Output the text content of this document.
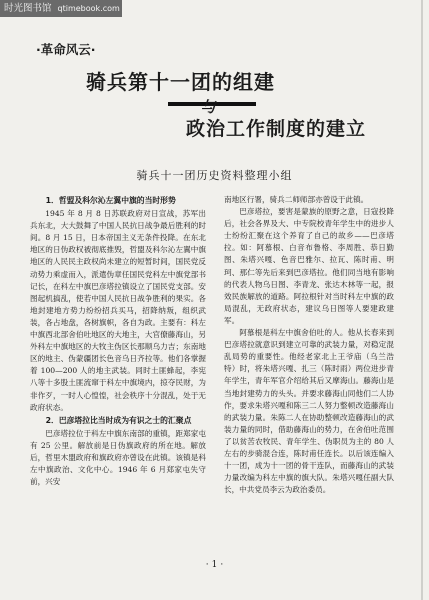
时光图书馆 qtimebook.com
·革命风云·
骑兵第十一团的组建
与
政治工作制度的建立
骑兵十一团历史资料整理小组
1．哲盟及科尔沁左翼中旗的当时形势

1945 年 8 月 8 日苏联政府对日宣战，苏军出兵东北，大大鼓舞了中国人民抗日战争最后胜利的时间。8 月 15 日，日本帝国主义无条件投降。在东北地区的日伪政权被彻底推毁，哲盟及科尔沁左翼中旗地区的人民民主政权尚未建立的短暂时间，国民党反动势力乘虚而入，派遣伪章任国民党科左中旗党部书记长，在科左中旗巴彦塔拉镇设立了国民党支部。安图起机搞乱，使若中国人民抗日战争胜利的果实。各地封建地方势力纷纷招兵买马，招降纳叛，组织武装，各占地盘，各树旗帜，各自为政。主要有：科左中旗西北部舍伯吐地区的大地主，大官僚藤海山，另外科左中旗地区的大牧主伪区长那顺乌力吉；东南地区的地主、伪蒙疆团长色音乌日齐拉等。他们各掌握着 100—200 人的地主武装。同时土匪蜂起，李宪八等十多股土匪流窜于科左中旗境内，掠夺民财，为非作歹，一时人心惶惶，社会秩序十分混乱，处于无政府状态。

2．巴彦塔拉比当时成为有识之士的汇聚点

巴彦塔拉位于科左中旗东南部的重镇，距郑家屯有 25 公里。解放前是日伪旗政府的所在地。解放后，哲里木盟政府和旗政府亦曾设在此镇。该镇是科左中旗政治、文化中心。1946 年 6 月郑家屯失守前，兴安

南地区行署，骑兵二师师部亦曾设于此镇。

巴彦塔拉，要害是蒙族的原野之意，日寇投降后，社会各界及大、中专院校青年学生中的进步人士纷纷汇聚在这个养育了自己的故乡——巴彦塔拉。如：阿慕根、白音布鲁格、李周胜、恭日勤图、朱塔兴嘎、色音巴雅尔、拉瓦、陈时甫、明珂、那仁等先后来到巴彦塔拉。他们同当地有影响的代表人物乌日图、李青龙、张达木林等一起，报效民族解放的道路。阿拉根针对当时科左中旗的政局混乱，无政府状态，建议乌日图等人要建政建军。

阿慕根是科左中旗舍伯吐的人。他从长春来到巴彦塔拉就意识到建立可靠的武装力量，对稳定混乱局势的重要性。他经老家北上王爷庙（乌兰浩特）时，将朱塔兴嘎、扎三（陈时雨）两位进步青年学生，青年军官介绍给其后又摩海山。藤海山是当地封建势力的头头。并要求藤海山同他们二人协作，要求朱塔兴嘎和陈三二人努力整顿改造藤海山的武装力量。朱陈二人在协助整顿改造藤海山的武装力量的同时，借助藤海山的势力，在舍伯吐范围了以贫苦农牧民、青年学生、伪职员为主的 80 人左右的步骑混合连，陈时甫任连长。以后该连编入十一团，成为十一团的骨干连队，而藤海山的武装力量改编为科左中旗的旗大队。朱塔兴嘎任副大队长，中共党员李云为政治委员。

· 1 ·
